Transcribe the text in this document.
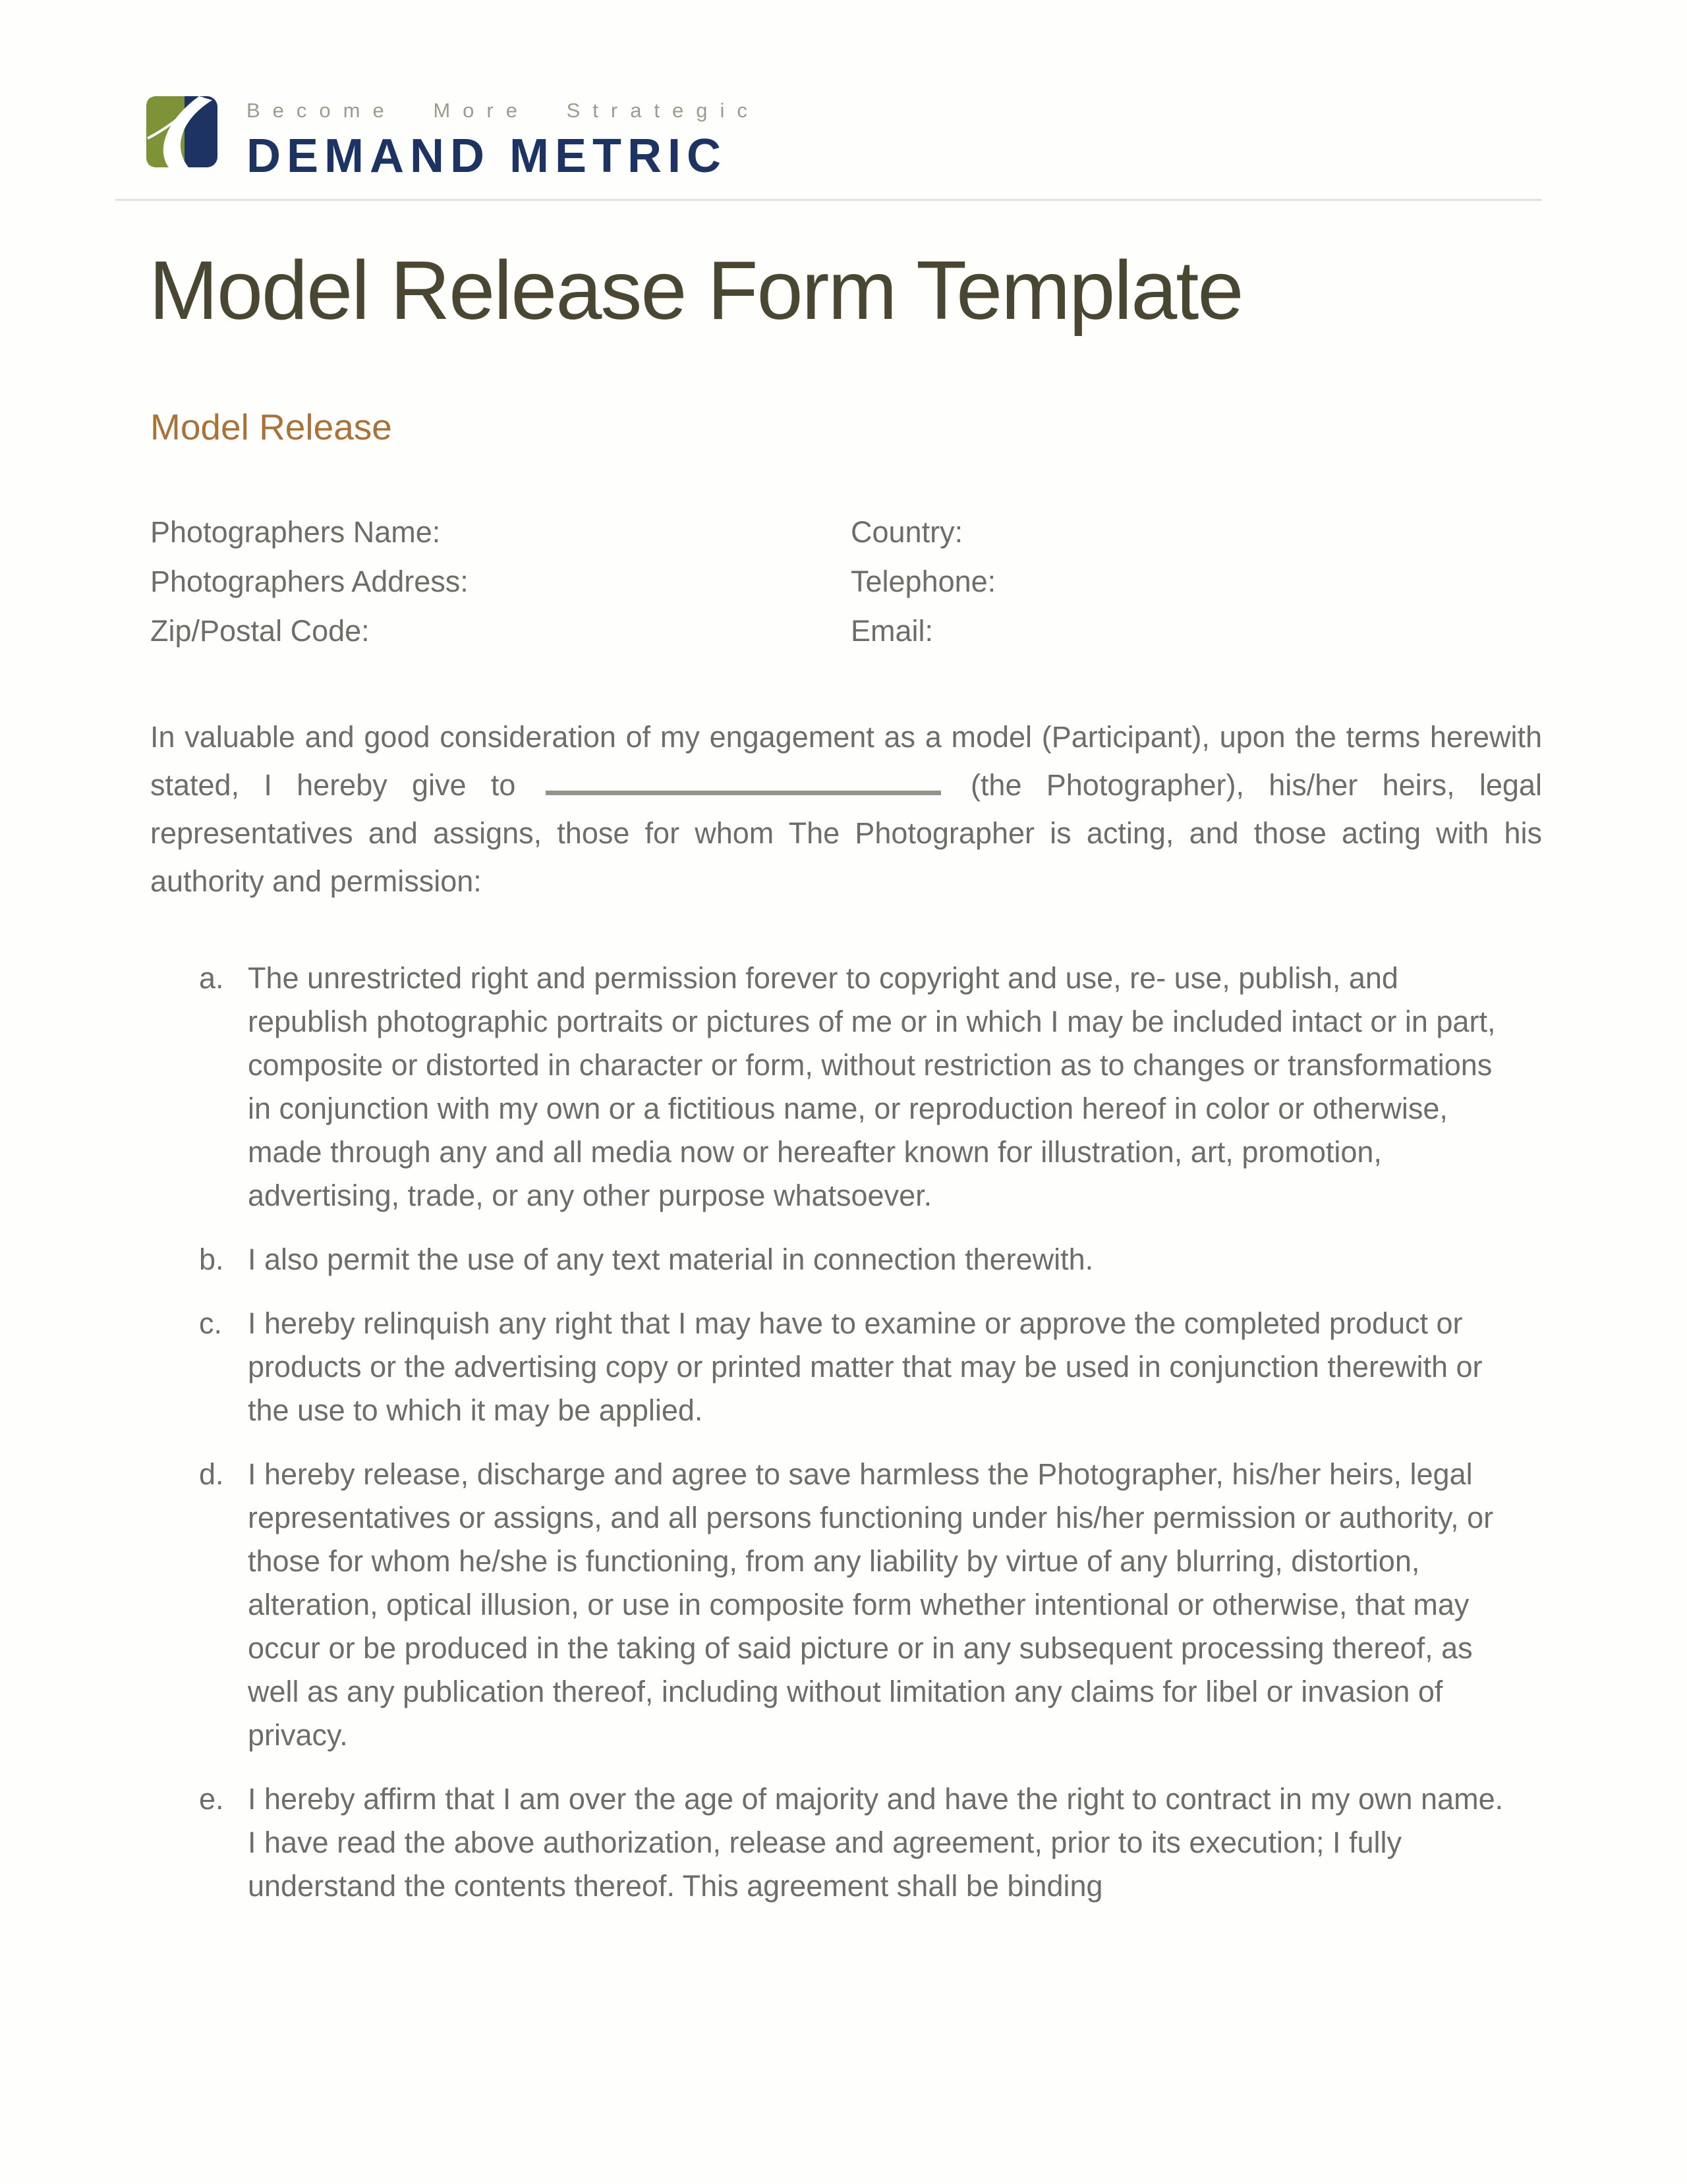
Become More Strategic
DEMAND METRIC
Model Release Form Template
Model Release
Photographers Name:	Country:
Photographers Address:	Telephone:
Zip/Postal Code:	Email:
In valuable and good consideration of my engagement as a model (Participant), upon the terms herewith stated, I hereby give to	(the Photographer), his/her heirs, legal representatives and assigns, those for whom The Photographer is acting, and those acting with his authority and permission:
a. The unrestricted right and permission forever to copyright and use, re- use, publish, and republish photographic portraits or pictures of me or in which I may be included intact or in part, composite or distorted in character or form, without restriction as to changes or transformations in conjunction with my own or a fictitious name, or reproduction hereof in color or otherwise, made through any and all media now or hereafter known for illustration, art, promotion, advertising, trade, or any other purpose whatsoever.
b. I also permit the use of any text material in connection therewith.
c. I hereby relinquish any right that I may have to examine or approve the completed product or products or the advertising copy or printed matter that may be used in conjunction therewith or the use to which it may be applied.
d. I hereby release, discharge and agree to save harmless the Photographer, his/her heirs, legal representatives or assigns, and all persons functioning under his/her permission or authority, or those for whom he/she is functioning, from any liability by virtue of any blurring, distortion, alteration, optical illusion, or use in composite form whether intentional or otherwise, that may occur or be produced in the taking of said picture or in any subsequent processing thereof, as well as any publication thereof, including without limitation any claims for libel or invasion of privacy.
e. I hereby affirm that I am over the age of majority and have the right to contract in my own name. I have read the above authorization, release and agreement, prior to its execution; I fully understand the contents thereof. This agreement shall be binding
